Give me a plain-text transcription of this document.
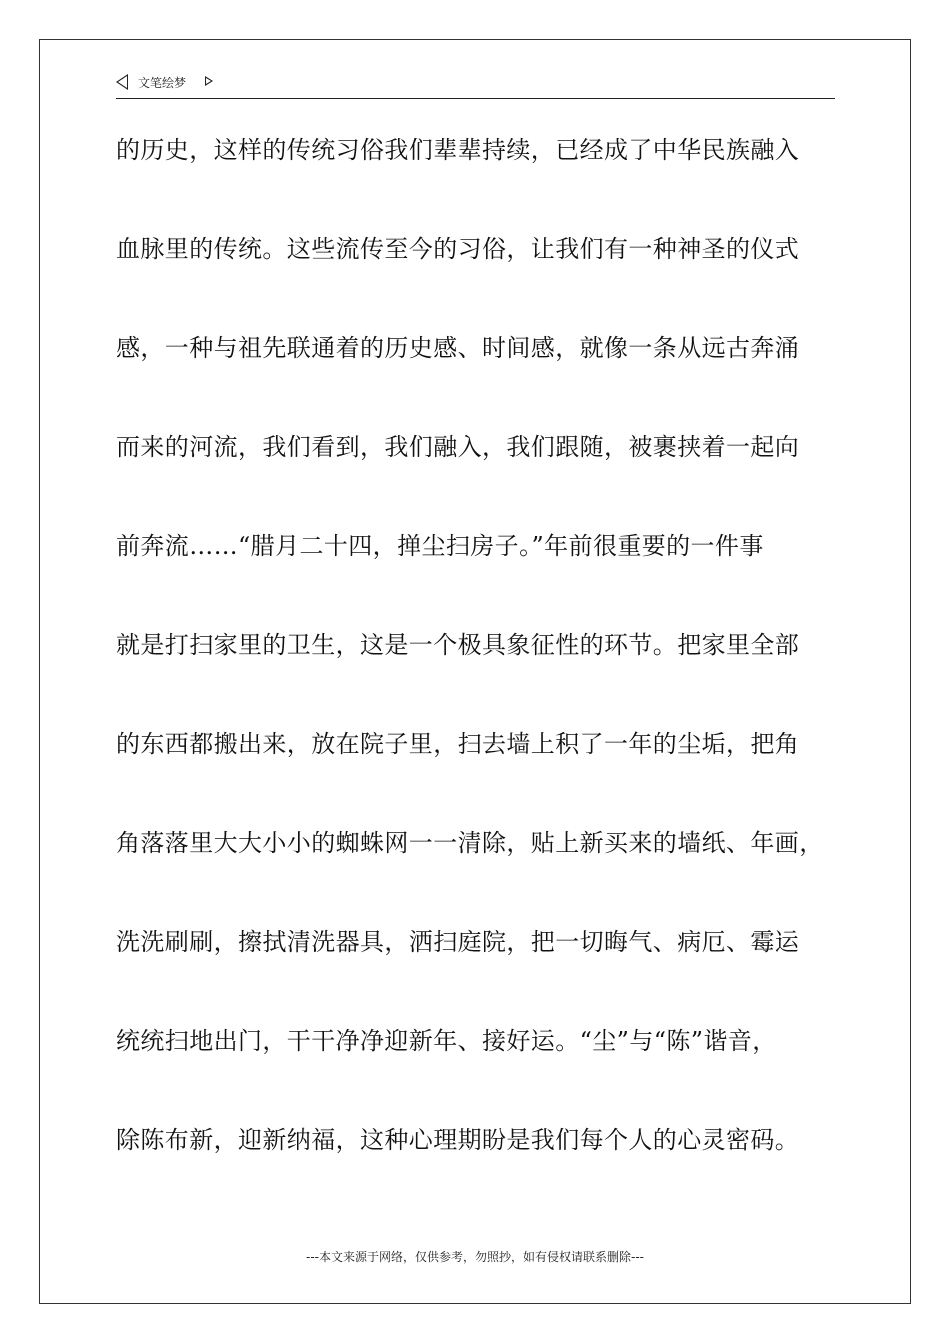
文笔绘梦
的历史，这样的传统习俗我们辈辈持续，已经成了中华民族融入
血脉里的传统。这些流传至今的习俗，让我们有一种神圣的仪式
感，一种与祖先联通着的历史感、时间感，就像一条从远古奔涌
而来的河流，我们看到，我们融入，我们跟随，被裹挟着一起向
前奔流……“腊月二十四，掸尘扫房子。”年前很重要的一件事
就是打扫家里的卫生，这是一个极具象征性的环节。把家里全部
的东西都搬出来，放在院子里，扫去墙上积了一年的尘垢，把角
角落落里大大小小的蜘蛛网一一清除，贴上新买来的墙纸、年画，
洗洗刷刷，擦拭清洗器具，洒扫庭院，把一切晦气、病厄、霉运
统统扫地出门，干干净净迎新年、接好运。“尘”与“陈”谐音，
除陈布新，迎新纳福，这种心理期盼是我们每个人的心灵密码。
---本文来源于网络，仅供参考，勿照抄，如有侵权请联系删除---
